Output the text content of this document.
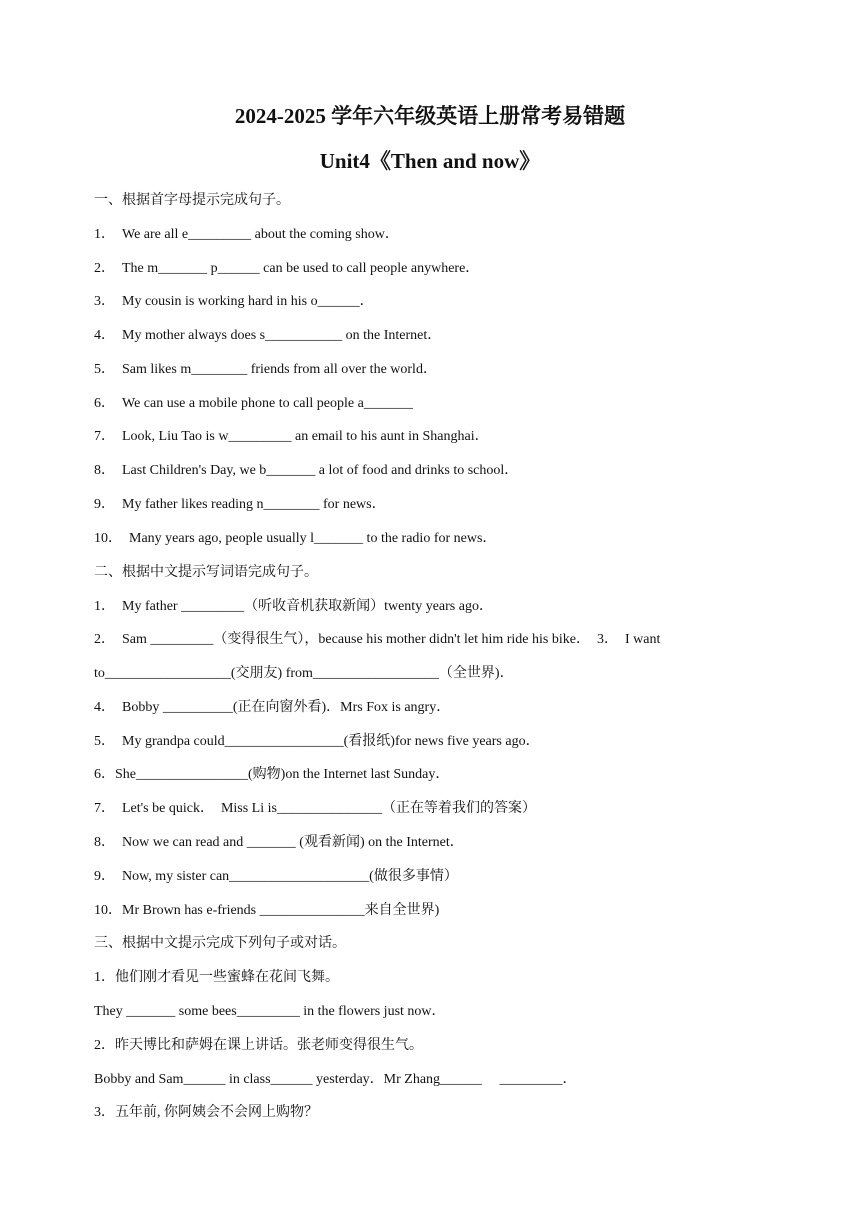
2024-2025 学年六年级英语上册常考易错题
Unit4《Then and now》
一、根据首字母提示完成句子。
1．　We are all e_________ about the coming show．
2．　The m_______ p______ can be used to call people anywhere．
3．　My cousin is working hard in his o______．
4．　My mother always does s___________ on the Internet．
5．　Sam likes m________ friends from all over the world．
6．　We can use a mobile phone to call people a_______
7．　Look, Liu Tao is w_________ an email to his aunt in Shanghai．
8．　Last Children's Day, we b_______ a lot of food and drinks to school．
9．　My father likes reading n________ for news．
10．　Many years ago, people usually l_______ to the radio for news．
二、根据中文提示写词语完成句子。
1．　My father _________（听收音机获取新闻）twenty years ago．
2．　Sam _________（变得很生气），because his mother didn't let him ride his bike．　3．　I want
to__________________(交朋友) from__________________（全世界)．
4．　Bobby __________(正在向窗外看)．Mrs Fox is angry．
5．　My grandpa could_________________(看报纸)for news five years ago．
6．She________________(购物)on the Internet last Sunday．
7．　Let's be quick．　Miss Li is_______________（正在等着我们的答案）
8．　Now we can read and _______ (观看新闻) on the Internet．
9．　Now, my sister can____________________(做很多事情）
10．Mr Brown has e-friends _______________来自全世界)
三、根据中文提示完成下列句子或对话。
1．他们刚才看见一些蜜蜂在花间飞舞。
They _______ some bees_________ in the flowers just now．
2．昨天博比和萨姆在课上讲话。张老师变得很生气。
Bobby and Sam______ in class______ yesterday．Mr Zhang______　 _________．
3．五年前, 你阿姨会不会网上购物？
